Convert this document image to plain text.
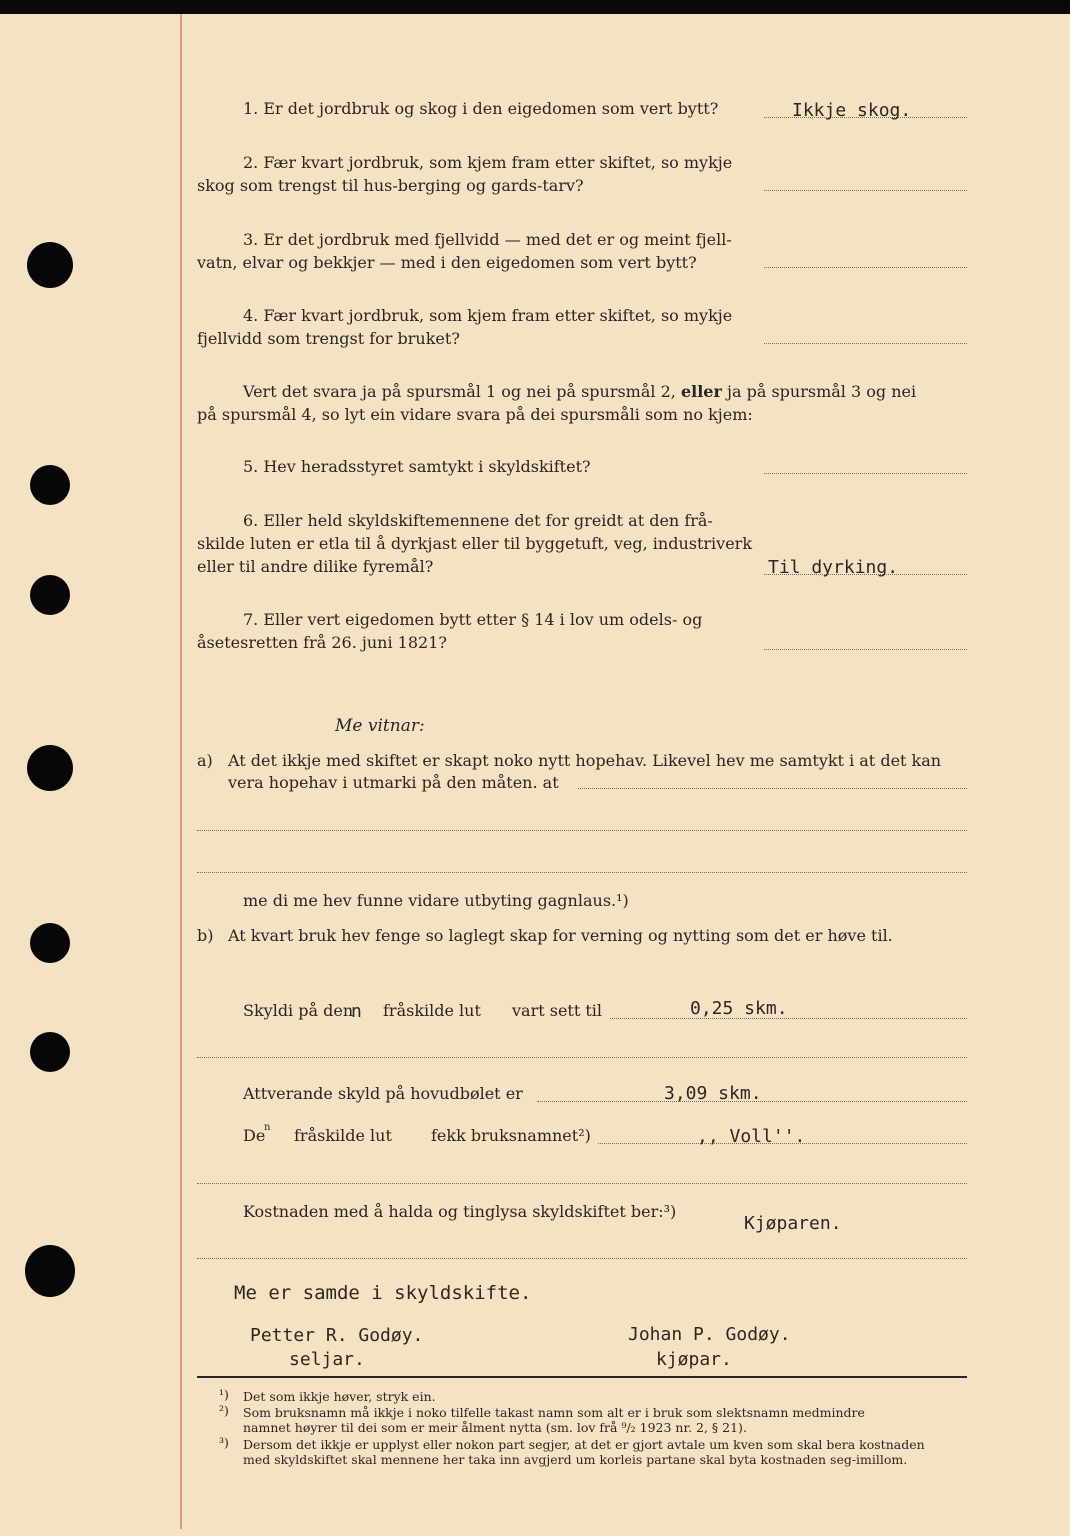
1. Er det jordbruk og skog i den eigedomen som vert bytt?	Ikkje skog.
2. Fær kvart jordbruk, som kjem fram etter skiftet, so mykje
skog som trengst til hus-berging og gards-tarv?
3. Er det jordbruk med fjellvidd — med det er og meint fjell-
vatn, elvar og bekkjer — med i den eigedomen som vert bytt?
4. Fær kvart jordbruk, som kjem fram etter skiftet, so mykje
fjellvidd som trengst for bruket?
Vert det svara ja på spursmål 1 og nei på spursmål 2, eller ja på spursmål 3 og nei
på spursmål 4, so lyt ein vidare svara på dei spursmåli som no kjem:
5. Hev heradsstyret samtykt i skyldskiftet?
6. Eller held skyldskiftemennene det for greidt at den frå-
skilde luten er etla til å dyrkjast eller til byggetuft, veg, industriverk
eller til andre dilike fyremål?	Til dyrking.
7. Eller vert eigedomen bytt etter § 14 i lov um odels- og
åsetesretten frå 26. juni 1821?
Me vitnar:
a) At det ikkje med skiftet er skapt noko nytt hopehav. Likevel hev me samtykt i at det kan
vera hopehav i utmarki på den måten. at
me di me hev funne vidare utbyting gagnlaus.¹)
b) At kvart bruk hev fenge so laglegt skap for verning og nytting som det er høve til.
Skyldi på den
n fråskilde lut vart sett til	0,25 skm.
Attverande skyld på hovudbølet er	3,09 skm.
De
n fråskilde lut fekk bruksnamnet²)	,, Voll''.
Kostnaden med å halda og tinglysa skyldskiftet ber:³)
Kjøparen.
Me er samde i skyldskifte.
Petter R. Godøy.	Johan P. Godøy.
seljar.	kjøpar.
¹) Det som ikkje høver, stryk ein.
²) Som bruksnamn må ikkje i noko tilfelle takast namn som alt er i bruk som slektsnamn medmindre
namnet høyrer til dei som er meir ålment nytta (sm. lov frå ⁹/₂ 1923 nr. 2, § 21).
³) Dersom det ikkje er upplyst eller nokon part segjer, at det er gjort avtale um kven som skal bera kostnaden
med skyldskiftet skal mennene her taka inn avgjerd um korleis partane skal byta kostnaden seg-imillom.
